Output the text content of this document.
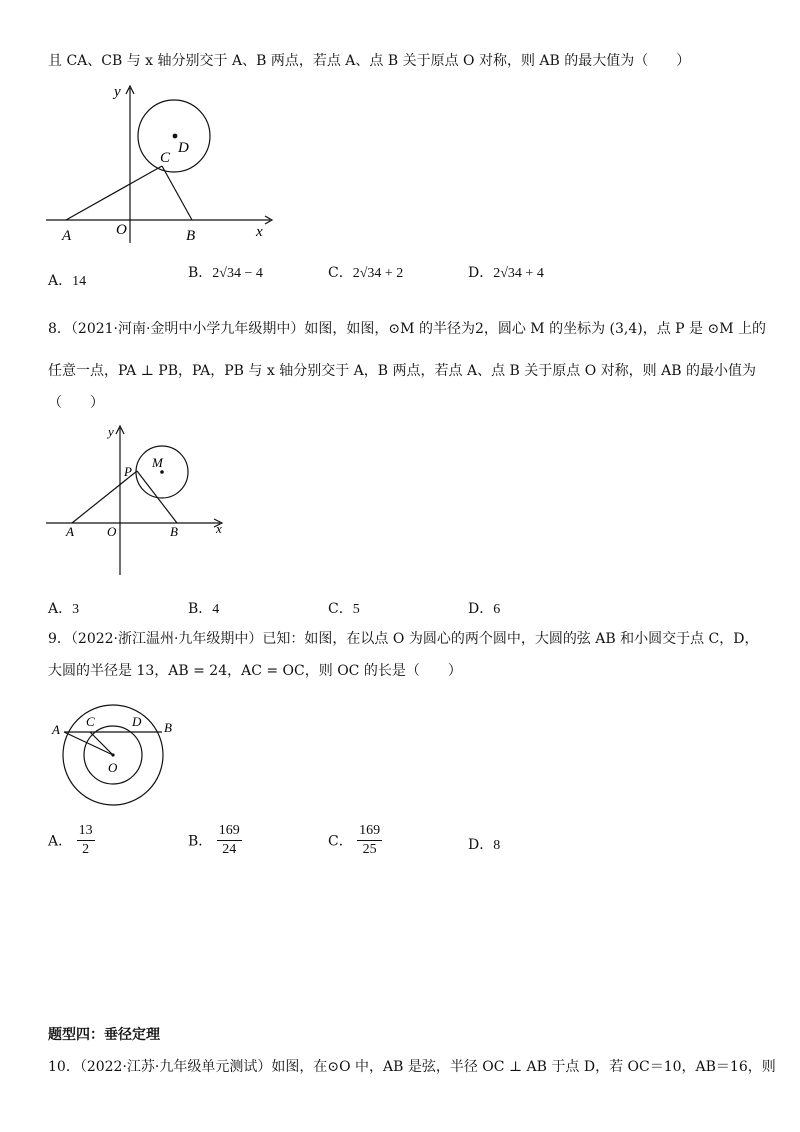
且 CA、CB 与 x 轴分别交于 A、B 两点，若点 A、点 B 关于原点 O 对称，则 AB 的最大值为（　　）
y
x
A	O	B
C
D
A．14
B．2√34 − 4	C．2√34 + 2	D．2√34 + 4
8．（2021·河南·金明中小学九年级期中）如图，如图，⊙M 的半径为2，圆心 M 的坐标为 (3,4)，点 P 是 ⊙M 上的
任意一点，PA ⊥ PB，PA，PB 与 x 轴分别交于 A，B 两点，若点 A、点 B 关于原点 O 对称，则 AB 的最小值为
（　　）
y
x
A	O	B
P
M
A．3	B．4	C．5	D．6
9．（2022·浙江温州·九年级期中）已知：如图，在以点 O 为圆心的两个圆中，大圆的弦 AB 和小圆交于点 C，D，
大圆的半径是 13，AB = 24，AC = OC，则 OC 的长是（　　）
A
C	D B
O
A． $\frac{13}{2}$	B． $\frac{169}{24}$	C． $\frac{169}{25}$	D．8
题型四：垂径定理
10．（2022·江苏·九年级单元测试）如图，在⊙O 中，AB 是弦，半径 OC ⊥ AB 于点 D，若 OC＝10，AB＝16，则
